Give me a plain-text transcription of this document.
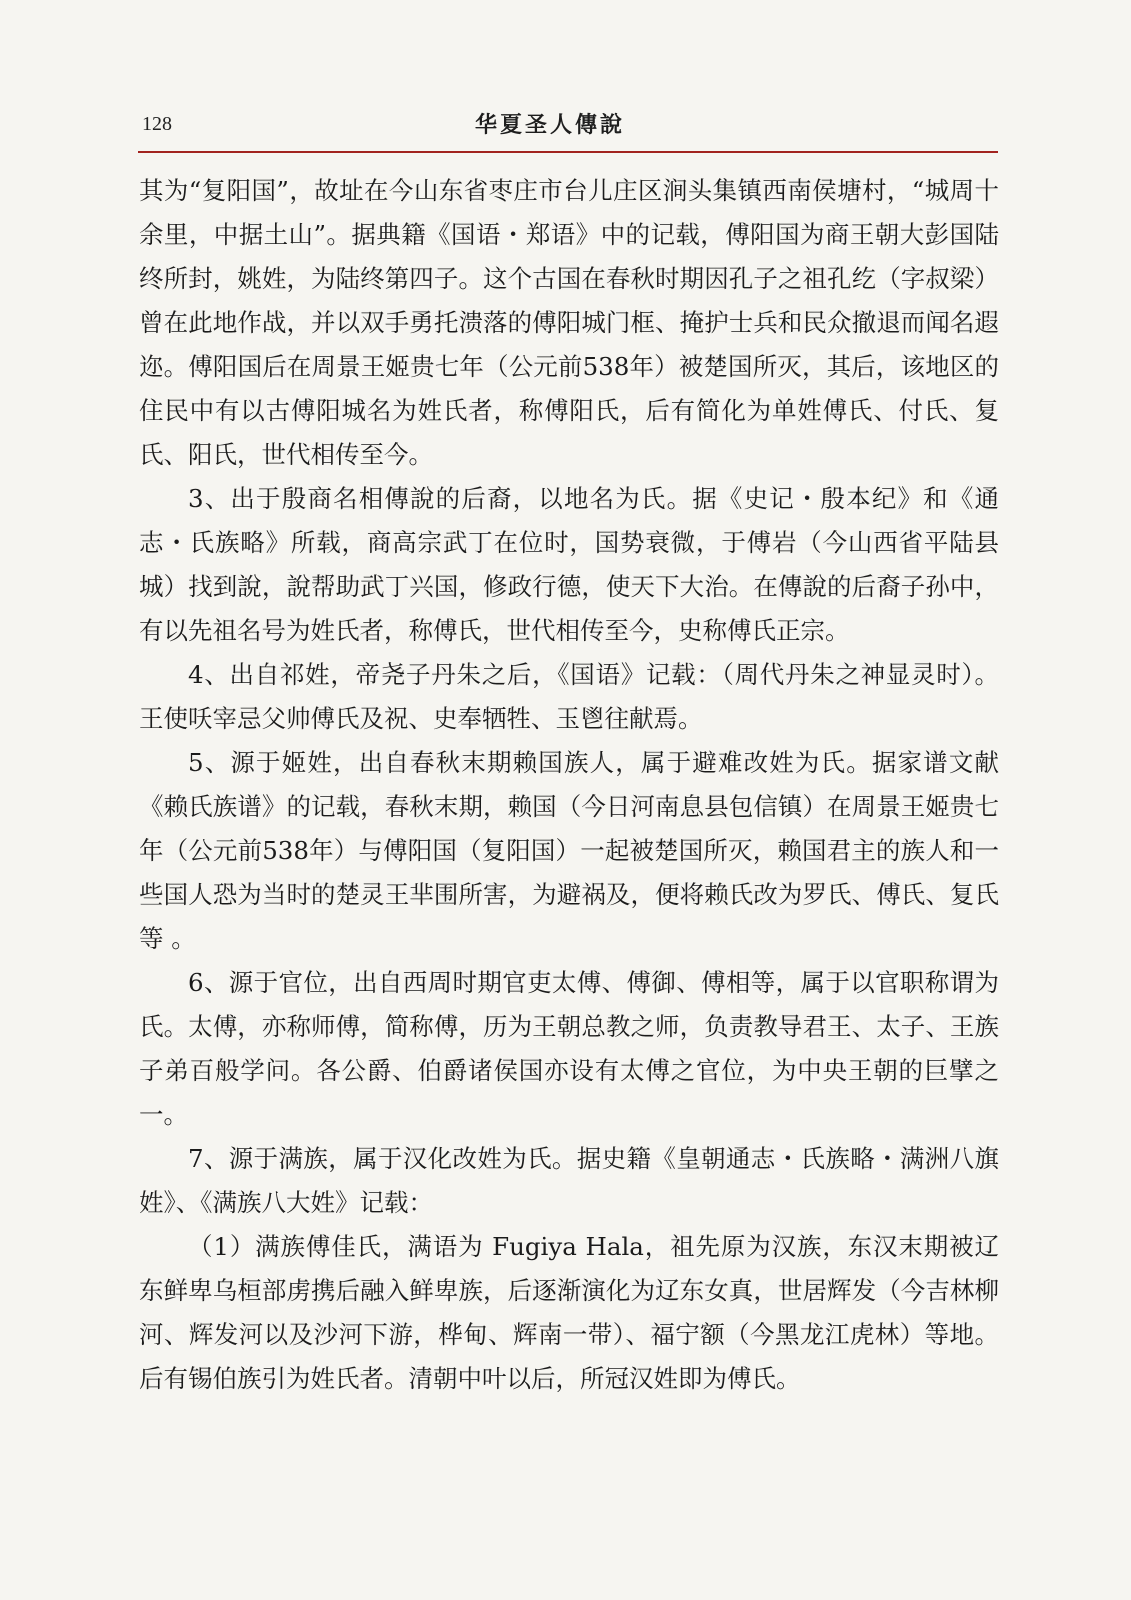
128	华夏圣人傳說

其为“复阳国”，故址在今山东省枣庄市台儿庄区涧头集镇西南侯塘村，“城周十余里，中据土山”。据典籍《国语・郑语》中的记载，傅阳国为商王朝大彭国陆终所封，姚姓，为陆终第四子。这个古国在春秋时期因孔子之祖孔纥（字叔梁）曾在此地作战，并以双手勇托溃落的傅阳城门框、掩护士兵和民众撤退而闻名遐迩。傅阳国后在周景王姬贵七年（公元前538年）被楚国所灭，其后，该地区的住民中有以古傅阳城名为姓氏者，称傅阳氏，后有简化为单姓傅氏、付氏、复氏、阳氏，世代相传至今。

3、出于殷商名相傳說的后裔，以地名为氏。据《史记・殷本纪》和《通志・氏族略》所载，商高宗武丁在位时，国势衰微，于傅岩（今山西省平陆县城）找到說，說帮助武丁兴国，修政行德，使天下大治。在傳說的后裔子孙中，有以先祖名号为姓氏者，称傅氏，世代相传至今，史称傅氏正宗。

4、出自祁姓，帝尧子丹朱之后，《国语》记载：（周代丹朱之神显灵时）。王使㕭宰忌父帅傅氏及祝、史奉牺牲、玉鬯往献焉。

5、源于姬姓，出自春秋末期赖国族人，属于避难改姓为氏。据家谱文献《赖氏族谱》的记载，春秋末期，赖国（今日河南息县包信镇）在周景王姬贵七年（公元前538年）与傅阳国（复阳国）一起被楚国所灭，赖国君主的族人和一些国人恐为当时的楚灵王芈围所害，为避祸及，便将赖氏改为罗氏、傅氏、复氏等 。

6、源于官位，出自西周时期官吏太傅、傅御、傅相等，属于以官职称谓为氏。太傅，亦称师傅，简称傅，历为王朝总教之师，负责教导君王、太子、王族子弟百般学问。各公爵、伯爵诸侯国亦设有太傅之官位，为中央王朝的巨擘之一。

7、源于满族，属于汉化改姓为氏。据史籍《皇朝通志・氏族略・满洲八旗姓》、《满族八大姓》记载：

（1）满族傅佳氏，满语为 Fugiya Hala，祖先原为汉族，东汉末期被辽东鲜卑乌桓部虏携后融入鲜卑族，后逐渐演化为辽东女真，世居辉发（今吉林柳河、辉发河以及沙河下游，桦甸、辉南一带）、福宁额（今黑龙江虎林）等地。后有锡伯族引为姓氏者。清朝中叶以后，所冠汉姓即为傅氏。
